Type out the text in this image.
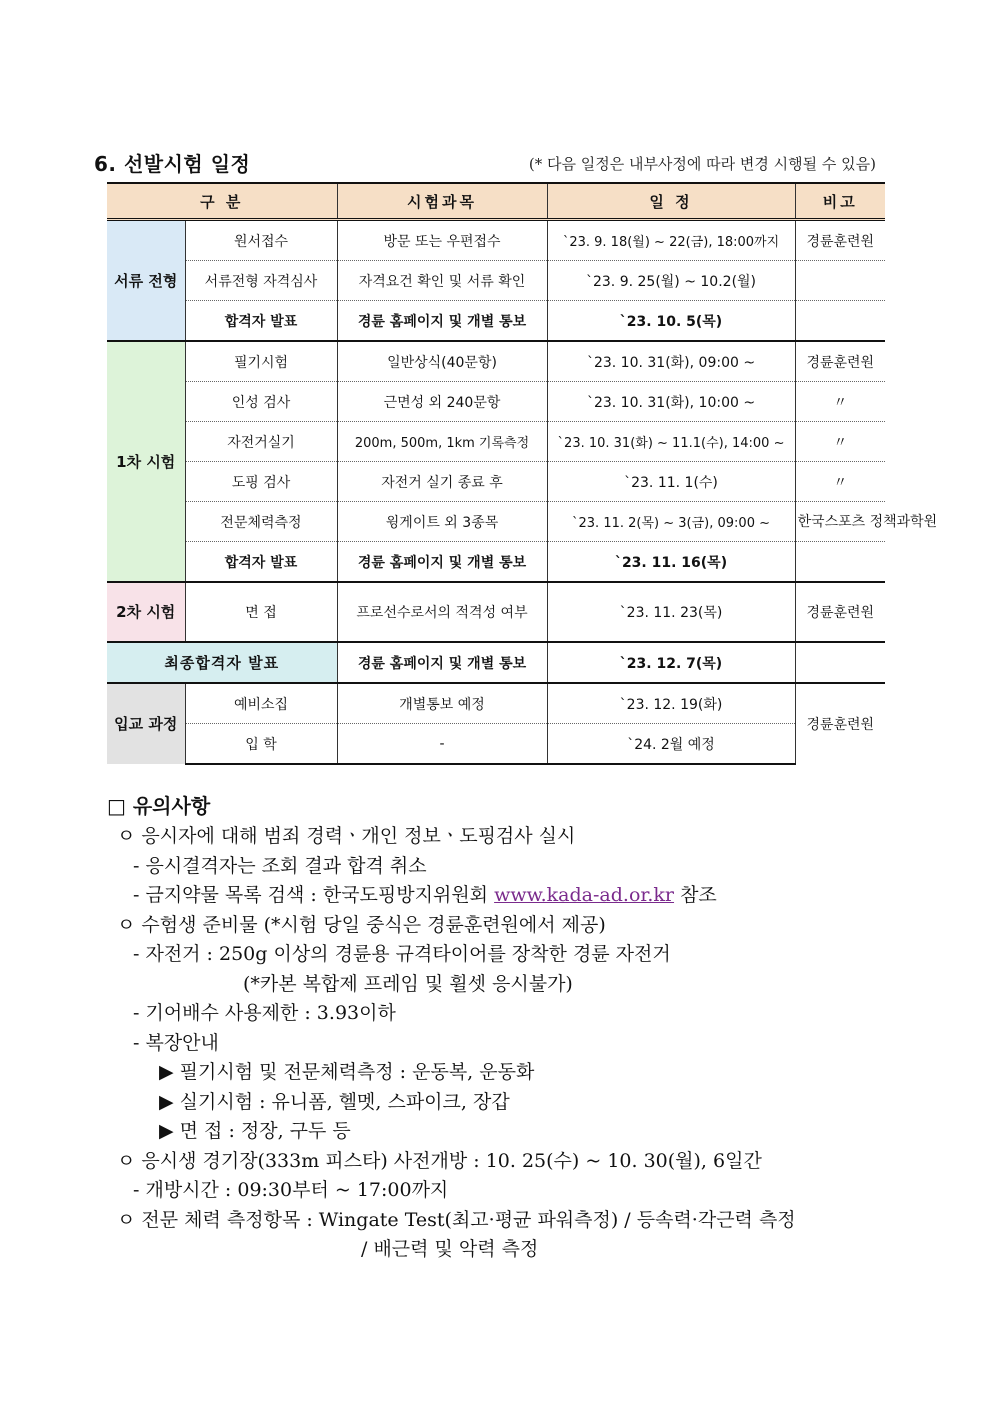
6. 선발시험 일정	(* 다음 일정은 내부사정에 따라 변경 시행될 수 있음)
구 분		시험과목	일 정	비고
서류 전형	원서접수	방문 또는 우편접수	`23. 9. 18(월) ~ 22(금), 18:00까지	경륜훈련원
	서류전형 자격심사	자격요건 확인 및 서류 확인	`23. 9. 25(월) ~ 10.2(월)	
	합격자 발표	경륜 홈페이지 및 개별 통보	`23. 10. 5(목)	
1차 시험	필기시험	일반상식(40문항)	`23. 10. 31(화), 09:00 ~	경륜훈련원
	인성 검사	근면성 외 240문항	`23. 10. 31(화), 10:00 ~	〃
	자전거실기	200m, 500m, 1km 기록측정	`23. 10. 31(화) ~ 11.1(수), 14:00 ~	〃
	도핑 검사	자전거 실기 종료 후	`23. 11. 1(수)	〃
	전문체력측정	윙게이트 외 3종목	`23. 11. 2(목) ~ 3(금), 09:00 ~	한국스포츠 정책과학원
	합격자 발표	경륜 홈페이지 및 개별 통보	`23. 11. 16(목)	
2차 시험	면 접	프로선수로서의 적격성 여부	`23. 11. 23(목)	경륜훈련원
최종합격자 발표		경륜 홈페이지 및 개별 통보	`23. 12. 7(목)	
입교 과정	예비소집	개별통보 예정	`23. 12. 19(화)	경륜훈련원
	입 학	-	`24. 2월 예정	
□ 유의사항
ㅇ 응시자에 대해 범죄 경력ㆍ개인 정보ㆍ도핑검사 실시
- 응시결격자는 조회 결과 합격 취소
- 금지약물 목록 검색 : 한국도핑방지위원회 www.kada-ad.or.kr 참조
ㅇ 수험생 준비물 (*시험 당일 중식은 경륜훈련원에서 제공)
- 자전거 : 250g 이상의 경륜용 규격타이어를 장착한 경륜 자전거
(*카본 복합제 프레임 및 휠셋 응시불가)
- 기어배수 사용제한 : 3.93이하
- 복장안내
▶ 필기시험 및 전문체력측정 : 운동복, 운동화
▶ 실기시험 : 유니폼, 헬멧, 스파이크, 장갑
▶ 면 접 : 정장, 구두 등
ㅇ 응시생 경기장(333m 피스타) 사전개방 : 10. 25(수) ~ 10. 30(월), 6일간
- 개방시간 : 09:30부터 ~ 17:00까지
ㅇ 전문 체력 측정항목 : Wingate Test(최고·평균 파워측정) / 등속력·각근력 측정
/ 배근력 및 악력 측정
